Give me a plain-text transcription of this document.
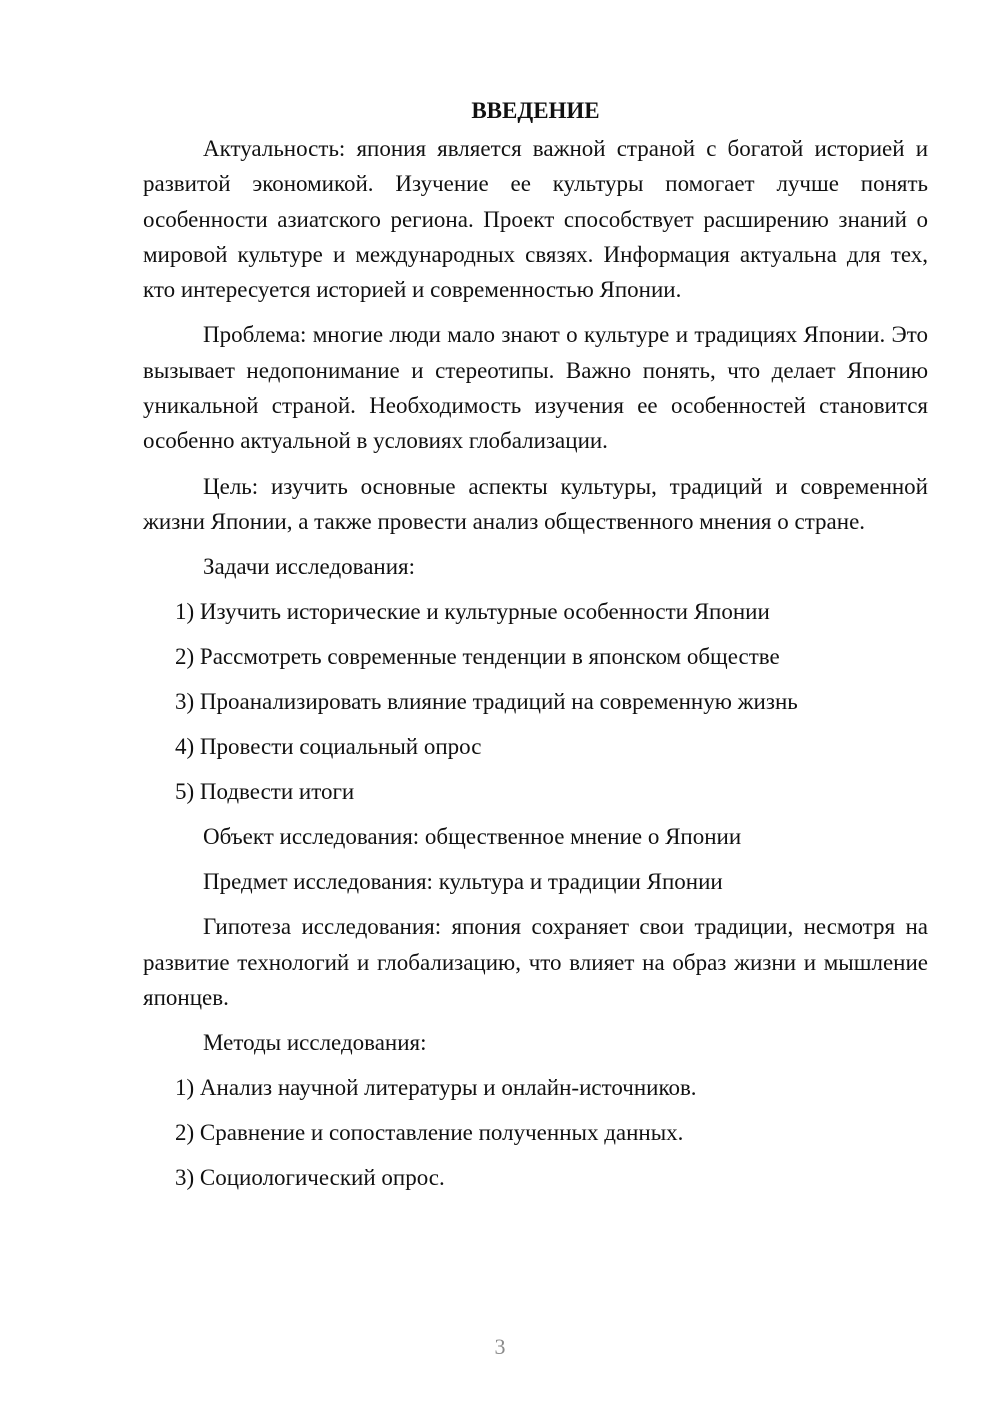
ВВЕДЕНИЕ

Актуальность: япония является важной страной с богатой историей и развитой экономикой. Изучение ее культуры помогает лучше понять особенности азиатского региона. Проект способствует расширению знаний о мировой культуре и международных связях. Информация актуальна для тех, кто интересуется историей и современностью Японии.

Проблема: многие люди мало знают о культуре и традициях Японии. Это вызывает недопонимание и стереотипы. Важно понять, что делает Японию уникальной страной. Необходимость изучения ее особенностей становится особенно актуальной в условиях глобализации.

Цель: изучить основные аспекты культуры, традиций и современной жизни Японии, а также провести анализ общественного мнения о стране.

Задачи исследования:

1) Изучить исторические и культурные особенности Японии
2) Рассмотреть современные тенденции в японском обществе
3) Проанализировать влияние традиций на современную жизнь
4) Провести социальный опрос
5) Подвести итоги

Объект исследования: общественное мнение о Японии

Предмет исследования: культура и традиции Японии

Гипотеза исследования: япония сохраняет свои традиции, несмотря на развитие технологий и глобализацию, что влияет на образ жизни и мышление японцев.

Методы исследования:

1) Анализ научной литературы и онлайн-источников.
2) Сравнение и сопоставление полученных данных.
3) Социологический опрос.
3
